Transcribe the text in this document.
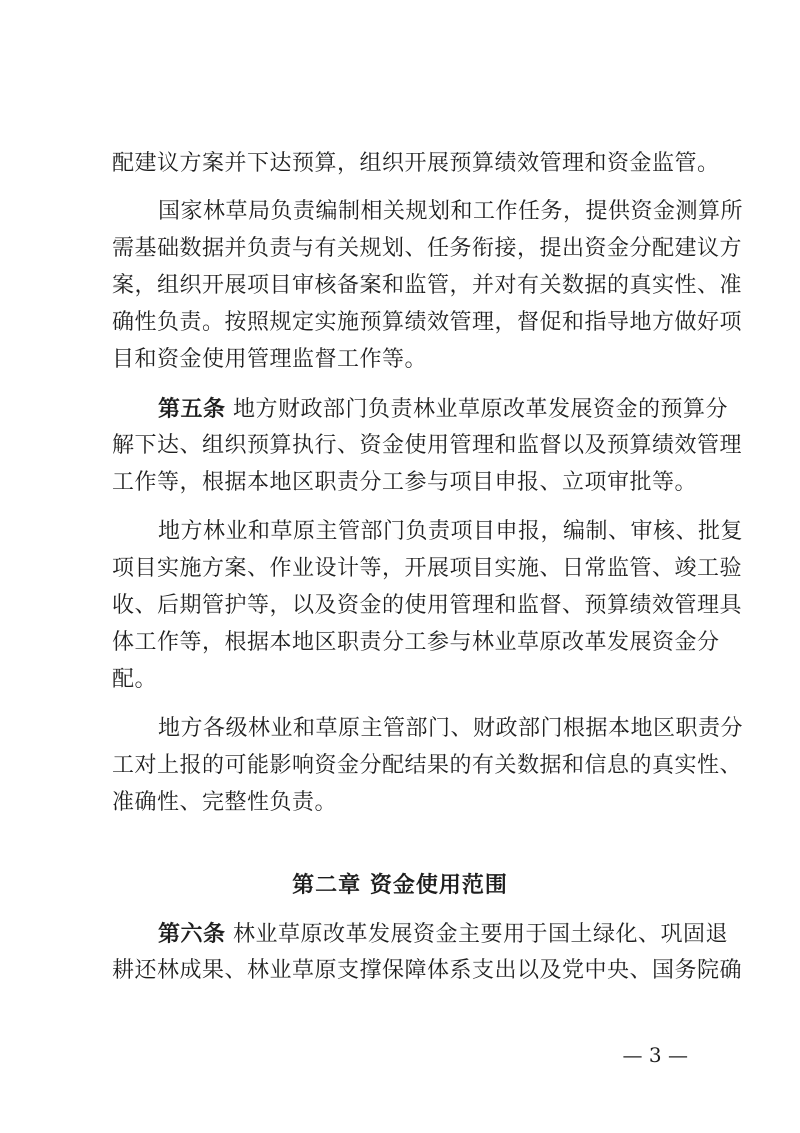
配建议方案并下达预算，组织开展预算绩效管理和资金监管。
国家林草局负责编制相关规划和工作任务，提供资金测算所
需基础数据并负责与有关规划、任务衔接，提出资金分配建议方
案，组织开展项目审核备案和监管，并对有关数据的真实性、准
确性负责。按照规定实施预算绩效管理，督促和指导地方做好项
目和资金使用管理监督工作等。
第五条 地方财政部门负责林业草原改革发展资金的预算分
解下达、组织预算执行、资金使用管理和监督以及预算绩效管理
工作等，根据本地区职责分工参与项目申报、立项审批等。
地方林业和草原主管部门负责项目申报，编制、审核、批复
项目实施方案、作业设计等，开展项目实施、日常监管、竣工验
收、后期管护等，以及资金的使用管理和监督、预算绩效管理具
体工作等，根据本地区职责分工参与林业草原改革发展资金分
配。
地方各级林业和草原主管部门、财政部门根据本地区职责分
工对上报的可能影响资金分配结果的有关数据和信息的真实性、
准确性、完整性负责。
第二章 资金使用范围
第六条 林业草原改革发展资金主要用于国土绿化、巩固退
耕还林成果、林业草原支撑保障体系支出以及党中央、国务院确
— 3 —
